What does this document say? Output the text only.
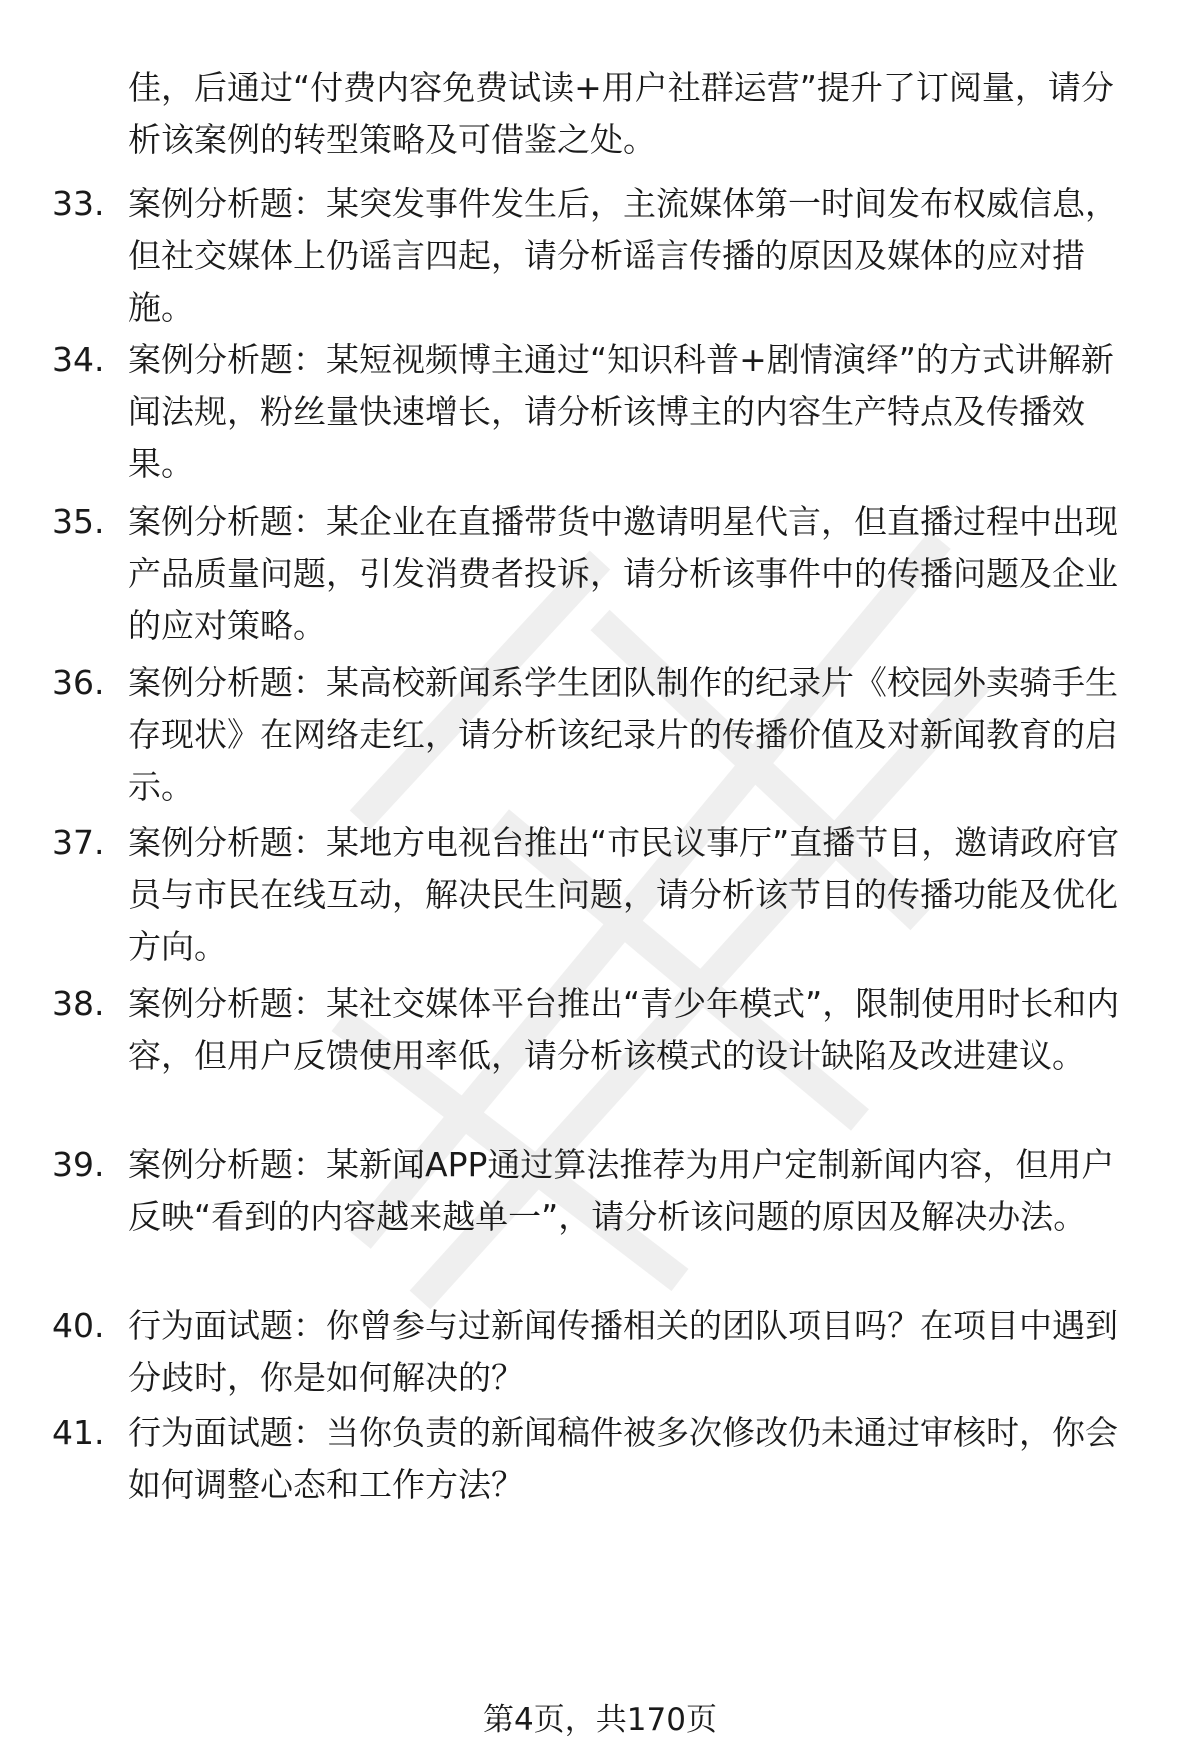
佳，后通过“付费内容免费试读+用户社群运营”提升了订阅量，请分析该案例的转型策略及可借鉴之处。
33. 案例分析题：某突发事件发生后，主流媒体第一时间发布权威信息，但社交媒体上仍谣言四起，请分析谣言传播的原因及媒体的应对措施。
34. 案例分析题：某短视频博主通过“知识科普+剧情演绎”的方式讲解新闻法规，粉丝量快速增长，请分析该博主的内容生产特点及传播效果。
35. 案例分析题：某企业在直播带货中邀请明星代言，但直播过程中出现产品质量问题，引发消费者投诉，请分析该事件中的传播问题及企业的应对策略。
36. 案例分析题：某高校新闻系学生团队制作的纪录片《校园外卖骑手生存现状》在网络走红，请分析该纪录片的传播价值及对新闻教育的启示。
37. 案例分析题：某地方电视台推出“市民议事厅”直播节目，邀请政府官员与市民在线互动，解决民生问题，请分析该节目的传播功能及优化方向。
38. 案例分析题：某社交媒体平台推出“青少年模式”，限制使用时长和内容，但用户反馈使用率低，请分析该模式的设计缺陷及改进建议。
39. 案例分析题：某新闻APP通过算法推荐为用户定制新闻内容，但用户反映“看到的内容越来越单一”，请分析该问题的原因及解决办法。
40. 行为面试题：你曾参与过新闻传播相关的团队项目吗？在项目中遇到分歧时，你是如何解决的？
41. 行为面试题：当你负责的新闻稿件被多次修改仍未通过审核时，你会如何调整心态和工作方法？
第4页，共170页
